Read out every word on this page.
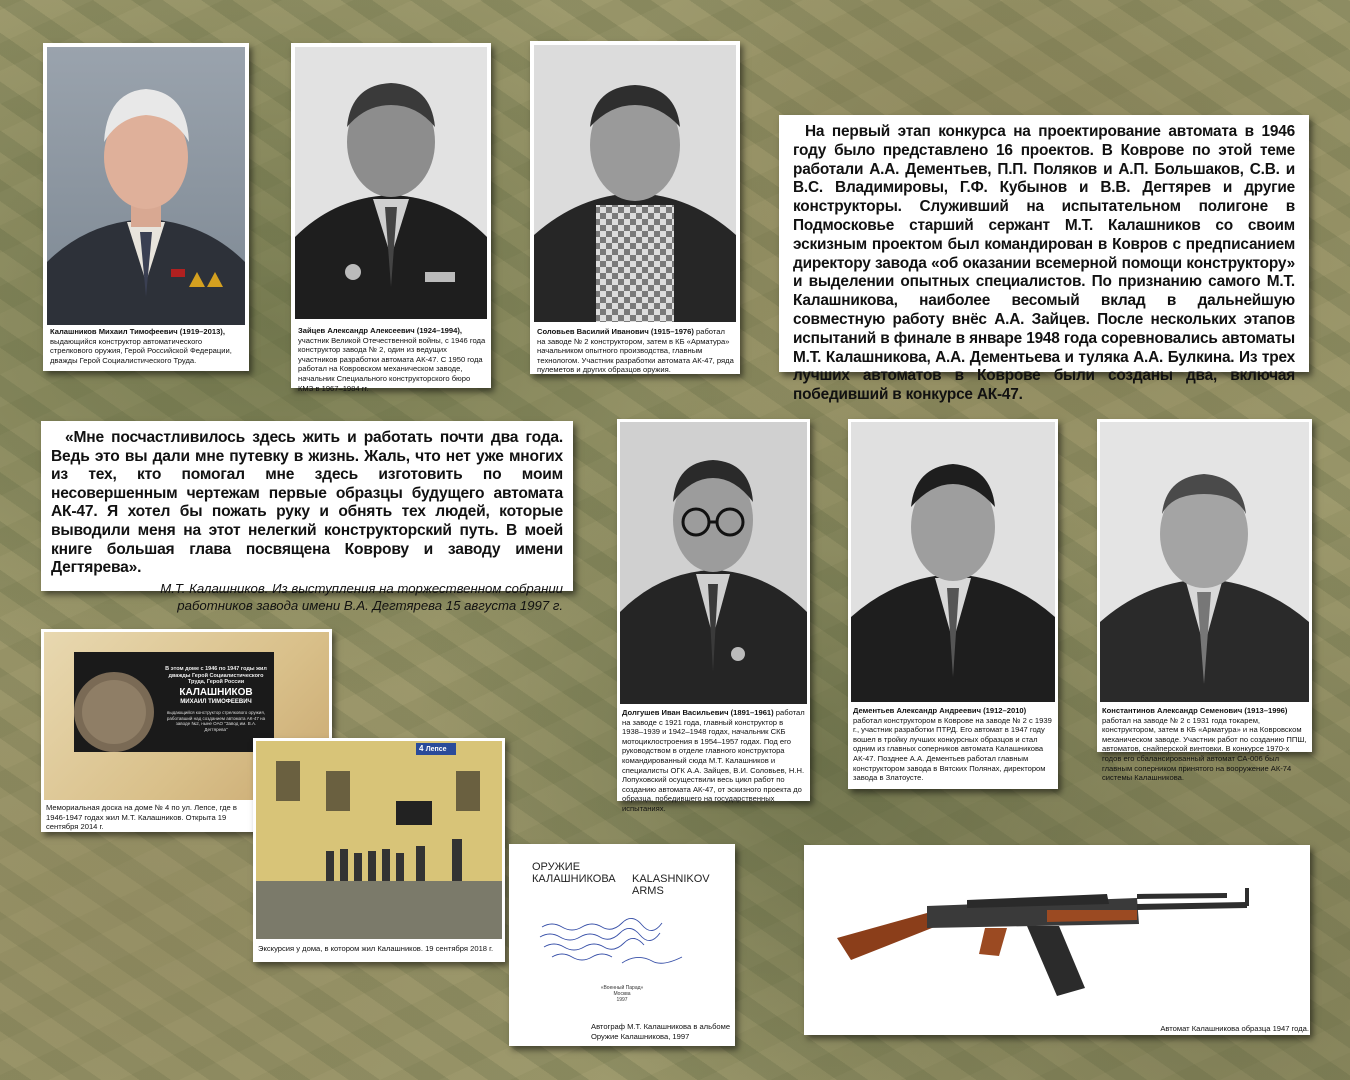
Калашников Михаил Тимофеевич (1919–2013), выдающийся конструктор автоматического стрелкового оружия, Герой Российской Федерации, дважды Герой Социалистического Труда.
Зайцев Александр Алексеевич (1924–1994), участник Великой Отечественной войны, с 1946 года конструктор завода № 2, один из ведущих участников разработки автомата АК-47. С 1950 года работал на Ковровском механическом заводе, начальник Специального конструкторского бюро КМЗ в 1967–1984 гг.
Соловьев Василий Иванович (1915–1976) работал на заводе № 2 конструктором, затем в КБ «Арматура» начальником опытного производства, главным технологом. Участник разработки автомата АК-47, ряда пулеметов и других образцов оружия.
На первый этап конкурса на проектирование автомата в 1946 году было представлено 16 проектов. В Коврове по этой теме работали А.А. Дементьев, П.П. Поляков и А.П. Большаков, С.В. и В.С. Владимировы, Г.Ф. Кубынов и В.В. Дегтярев и другие конструкторы. Служивший на испытательном полигоне в Подмосковье старший сержант М.Т. Калашников со своим эскизным проектом был командирован в Ковров с предписанием директору завода «об оказании всемерной помощи конструктору» и выделении опытных специалистов. По признанию самого М.Т. Калашникова, наиболее весомый вклад в дальнейшую совместную работу внёс А.А. Зайцев. После нескольких этапов испытаний в финале в январе 1948 года соревновались автоматы М.Т. Калашникова, А.А. Дементьева и туляка А.А. Булкина. Из трех лучших автоматов в Коврове были созданы два, включая победивший в конкурсе АК-47.
«Мне посчастливилось здесь жить и работать почти два года. Ведь это вы дали мне путевку в жизнь. Жаль, что нет уже многих из тех, кто помогал мне здесь изготовить по моим несовершенным чертежам первые образцы будущего автомата АК-47. Я хотел бы пожать руку и обнять тех людей, которые выводили меня на этот нелегкий конструкторский путь. В моей книге большая глава посвящена Коврову и заводу имени Дегтярева».
М.Т. Калашников. Из выступления на торжественном собрании
работников завода имени В.А. Дегтярева 15 августа 1997 г.
Долгушев Иван Васильевич (1891–1961) работал на заводе с 1921 года, главный конструктор в 1938–1939 и 1942–1948 годах, начальник СКБ мотоциклостроения в 1954–1957 годах. Под его руководством в отделе главного конструктора командированный сюда М.Т. Калашников и специалисты ОГК А.А. Зайцев, В.И. Соловьев, Н.Н. Лопуховский осуществили весь цикл работ по созданию автомата АК-47, от эскизного проекта до образца, победившего на государственных испытаниях.
Дементьев Александр Андреевич (1912–2010) работал конструктором в Коврове на заводе № 2 с 1939 г., участник разработки ПТРД. Его автомат в 1947 году вошел в тройку лучших конкурсных образцов и стал одним из главных соперников автомата Калашникова АК-47. Позднее А.А. Дементьев работал главным конструктором завода в Вятских Полянах, директором завода в Златоусте.
Константинов Александр Семенович (1913–1996) работал на заводе № 2 с 1931 года токарем, конструктором, затем в КБ «Арматура» и на Ковровском механическом заводе. Участник работ по созданию ППШ, автоматов, снайперской винтовки. В конкурсе 1970-х годов его сбалансированный автомат СА-006 был главным соперником принятого на вооружение АК-74 системы Калашникова.
В этом доме с 1946 по 1947 годы жил дважды Герой Социалистического Труда, Герой России
КАЛАШНИКОВ
МИХАИЛ ТИМОФЕЕВИЧ
выдающийся конструктор стрелкового оружия, работавший над созданием автомата АК-47 на заводе №2, ныне ОАО "Завод им. В.А. Дегтярева"
Мемориальная доска на доме № 4 по ул. Лепсе, где в 1946-1947 годах жил М.Т. Калашников. Открыта 19 сентября 2014 г.
4 Лепсе
Экскурсия у дома, в котором жил Калашников. 19 сентября 2018 г.
ОРУЖИЕ
КАЛАШНИКОВА KALASHNIKOV
ARMS
«Военный Парад»
Москва
1997
Автограф М.Т. Калашникова в альбоме
Оружие Калашникова, 1997
Автомат Калашникова образца 1947 года.
